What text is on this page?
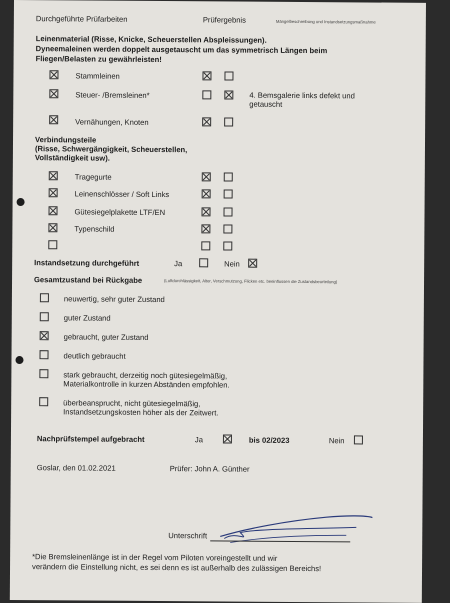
Durchgeführte Prüfarbeiten	Prüfergebnis	Mängelbeschreibung und Instandsetzungsmaßnahme
Leinenmaterial (Risse, Knicke, Scheuerstellen Abspleissungen).
Dyneemaleinen werden doppelt ausgetauscht um das symmetrisch Längen beim
Fliegen/Belasten zu gewährleisten!
Stammleinen
Steuer- /Bremsleinen*	4. Bemsgalerie links defekt und
getauscht
Vernähungen, Knoten
Verbindungsteile
(Risse, Schwergängigkeit, Scheuerstellen,
Vollständigkeit usw).
Tragegurte
Leinenschlösser / Soft Links
Gütesiegelplakette LTF/EN
Typenschild
Instandsetzung durchgeführt	Ja	Nein
Gesamtzustand bei Rückgabe	(Luftdurchlässigkeit, Alter, Verschmutzung, Flicken etc. beeinflussen die Zustandsbeurteilung)
neuwertig, sehr guter Zustand
guter Zustand
gebraucht, guter Zustand
deutlich gebraucht
stark gebraucht, derzeitig noch gütesiegelmäßig,
Materialkontrolle in kurzen Abständen empfohlen.
überbeansprucht, nicht gütesiegelmäßig,
Instandsetzungskosten höher als der Zeitwert.
Nachprüfstempel aufgebracht	Ja	bis 02/2023	Nein
Goslar, den 01.02.2021	Prüfer: John A. Günther
Unterschrift
*Die Bremsleinenlänge ist in der Regel vom Piloten voreingestellt und wir
verändern die Einstellung nicht, es sei denn es ist außerhalb des zulässigen Bereichs!
